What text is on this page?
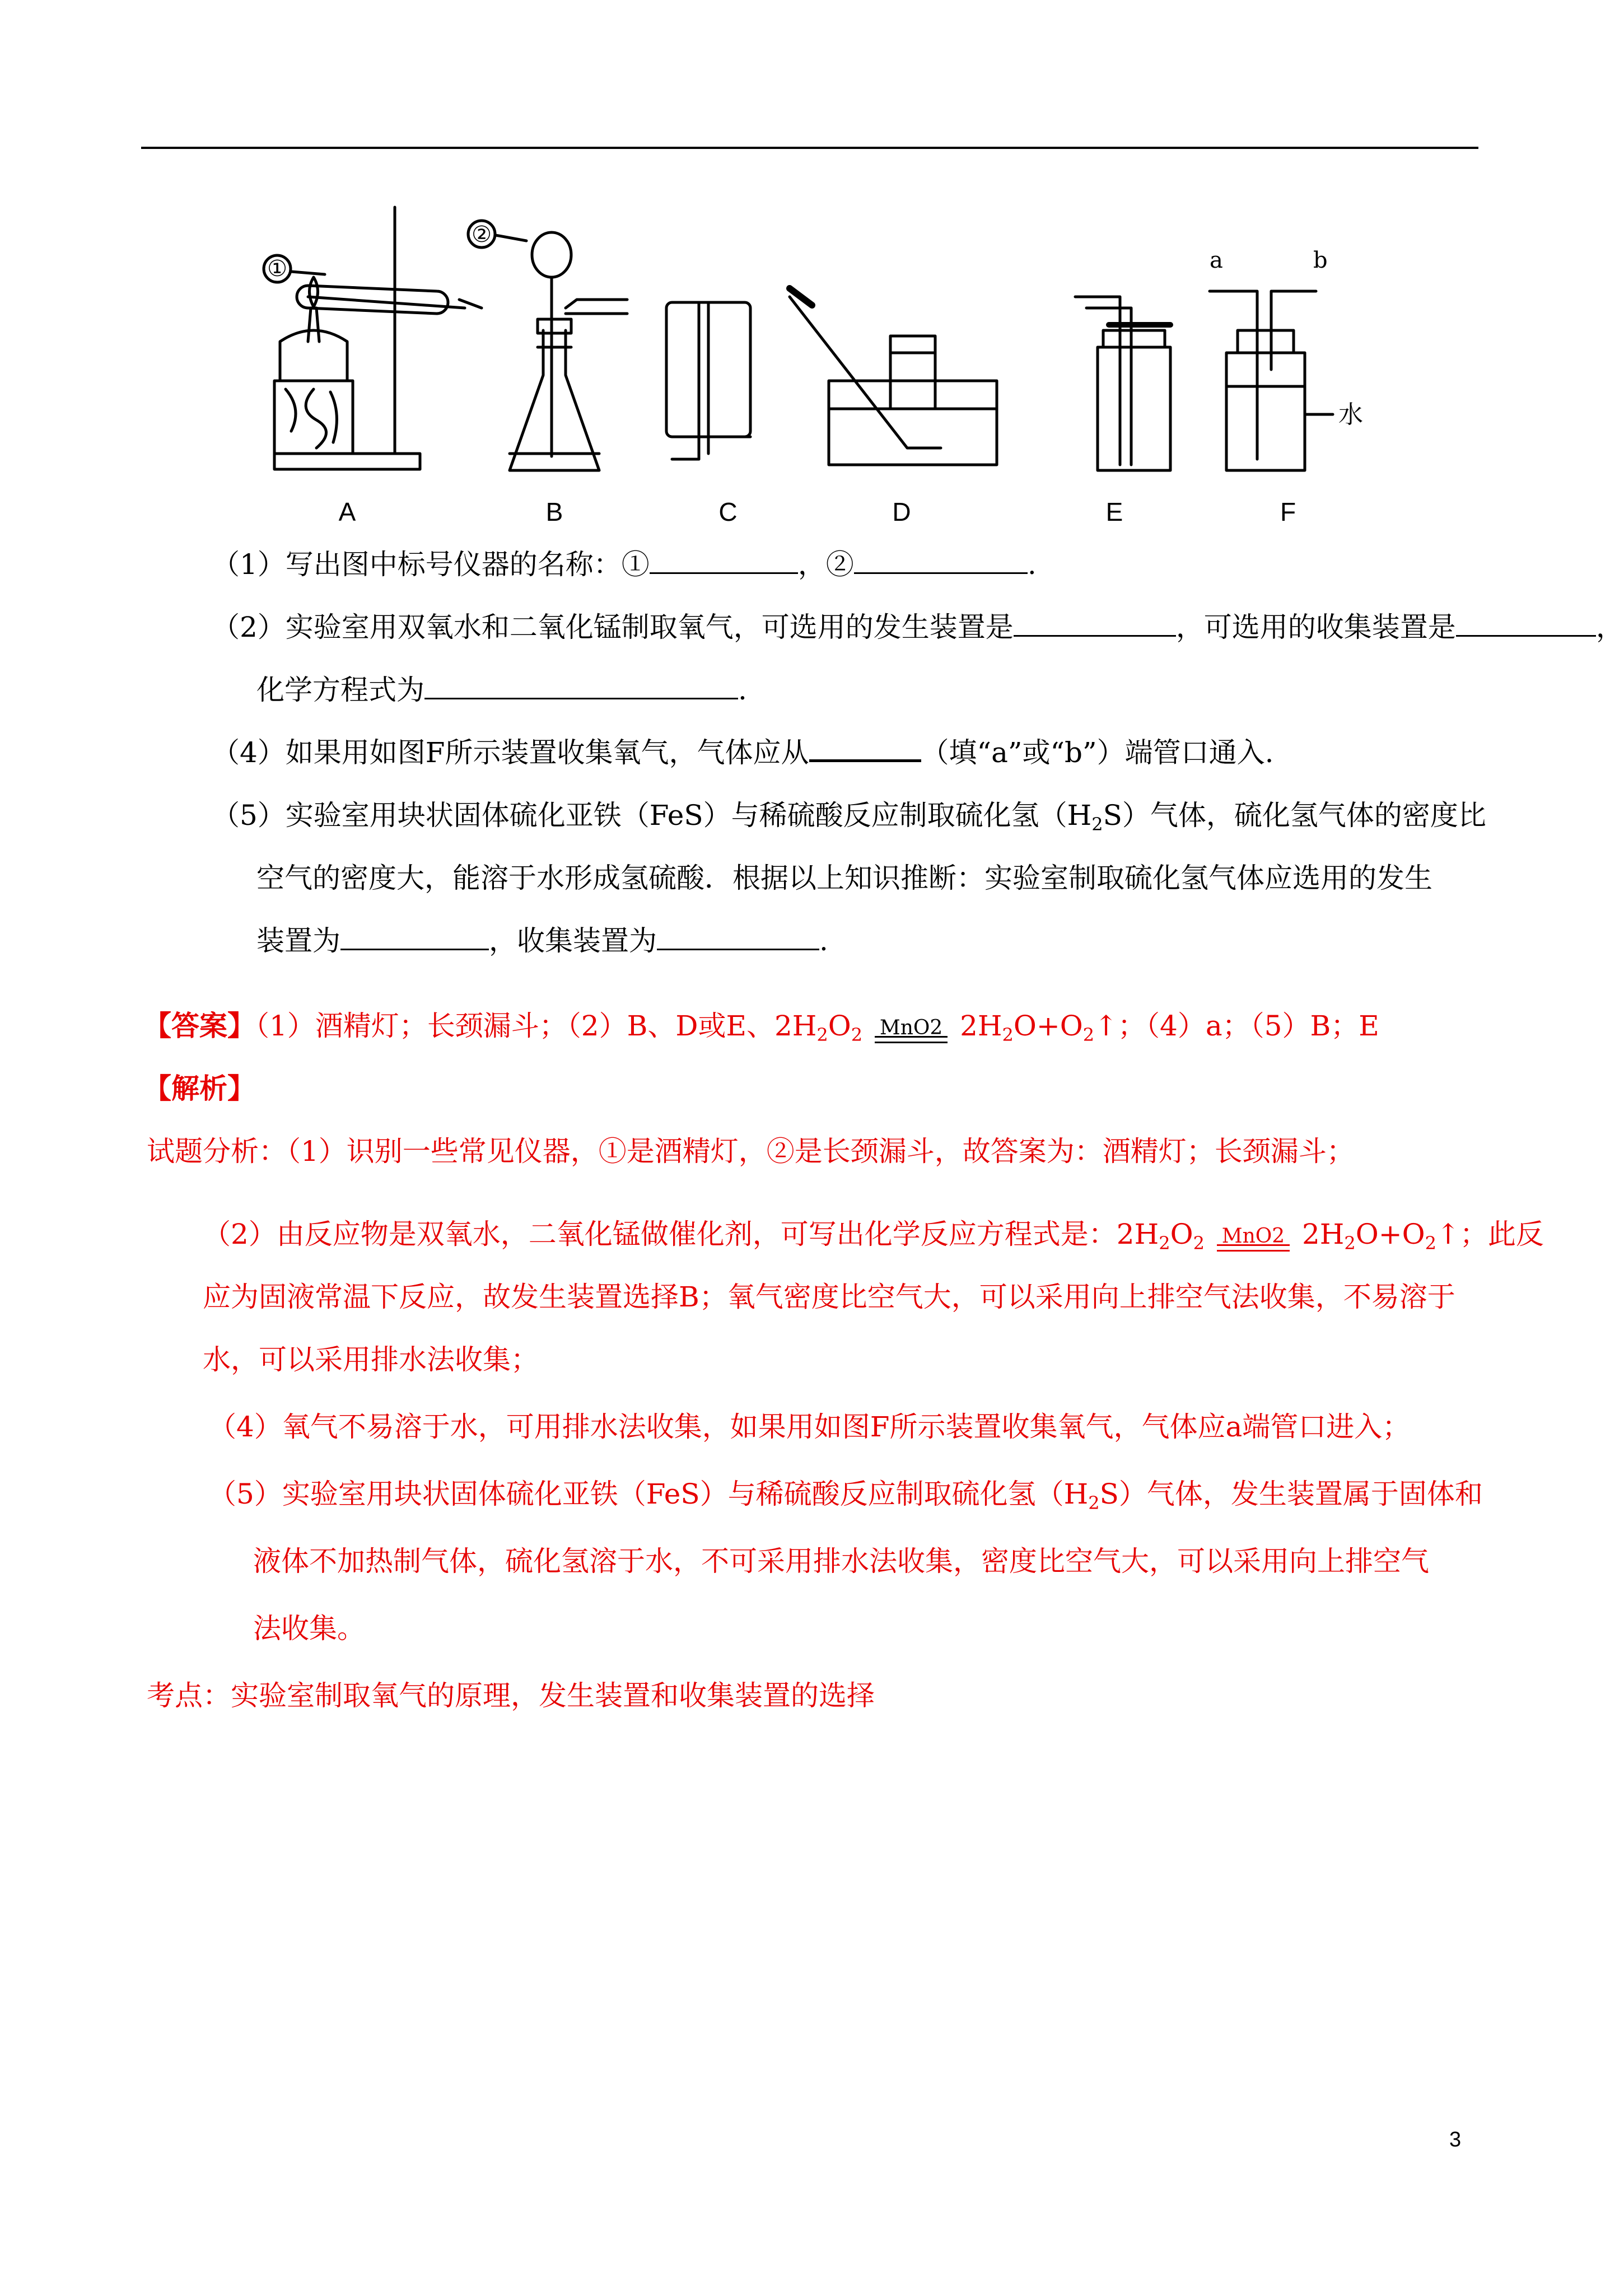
①
②
a	b
水
A	B	C	D	E	F
（1）写出图中标号仪器的名称：①	，②	.
（2）实验室用双氧水和二氧化锰制取氧气，可选用的发生装置是	，可选用的收集装置是	，
化学方程式为	.
（4）如果用如图F所示装置收集氧气，气体应从	（填“a”或“b”）端管口通入.
（5）实验室用块状固体硫化亚铁（FeS）与稀硫酸反应制取硫化氢$(H_2S)$气体，硫化氢气体的密度比
空气的密度大，能溶于水形成氢硫酸．根据以上知识推断：实验室制取硫化氢气体应选用的发生
装置为	，收集装置为	.
【答案】（1）酒精灯；长颈漏斗；（2）B、D或E、$2H_2O_2$ MnO2 $2H_2O+O_2↑$；（4）a；（5）B；E
【解析】
试题分析：（1）识别一些常见仪器，①是酒精灯，②是长颈漏斗，故答案为：酒精灯；长颈漏斗；
（2）由反应物是双氧水，二氧化锰做催化剂，可写出化学反应方程式是：$2H_2O_2$ MnO2 $2H_2O+O_2↑$；此反
应为固液常温下反应，故发生装置选择B；氧气密度比空气大，可以采用向上排空气法收集，不易溶于
水，可以采用排水法收集；
（4）氧气不易溶于水，可用排水法收集，如果用如图F所示装置收集氧气，气体应a端管口进入；
（5）实验室用块状固体硫化亚铁（FeS）与稀硫酸反应制取硫化氢$(H_2S)$气体，发生装置属于固体和
液体不加热制气体，硫化氢溶于水，不可采用排水法收集，密度比空气大，可以采用向上排空气
法收集。
考点：实验室制取氧气的原理，发生装置和收集装置的选择
3
